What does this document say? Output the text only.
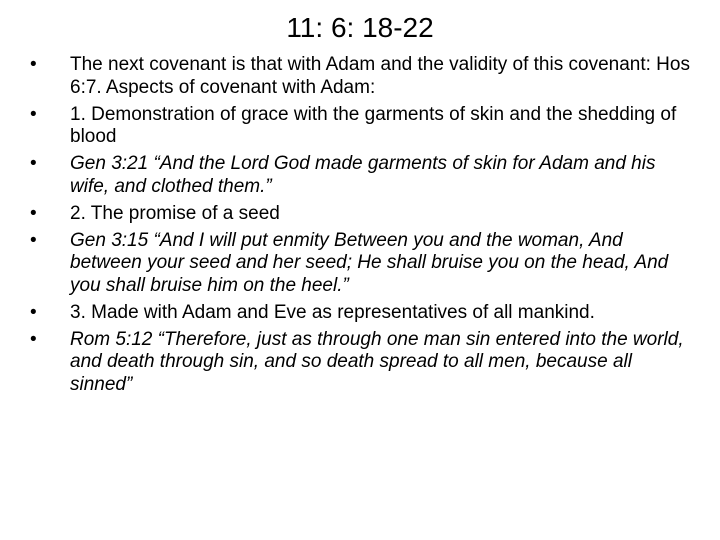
11: 6: 18-22
• The next covenant is that with Adam and the validity of this covenant: Hos 6:7. Aspects of covenant with Adam:
• 1. Demonstration of grace with the garments of skin and the shedding of blood
• Gen 3:21 “And the Lord God made garments of skin for Adam and his wife, and clothed them.”
• 2. The promise of a seed
• Gen 3:15 “And I will put enmity Between you and the woman, And between your seed and her seed; He shall bruise you on the head, And you shall bruise him on the heel.”
• 3. Made with Adam and Eve as representatives of all mankind.
• Rom 5:12 “Therefore, just as through one man sin entered into the world, and death through sin, and so death spread to all men, because all sinned”
